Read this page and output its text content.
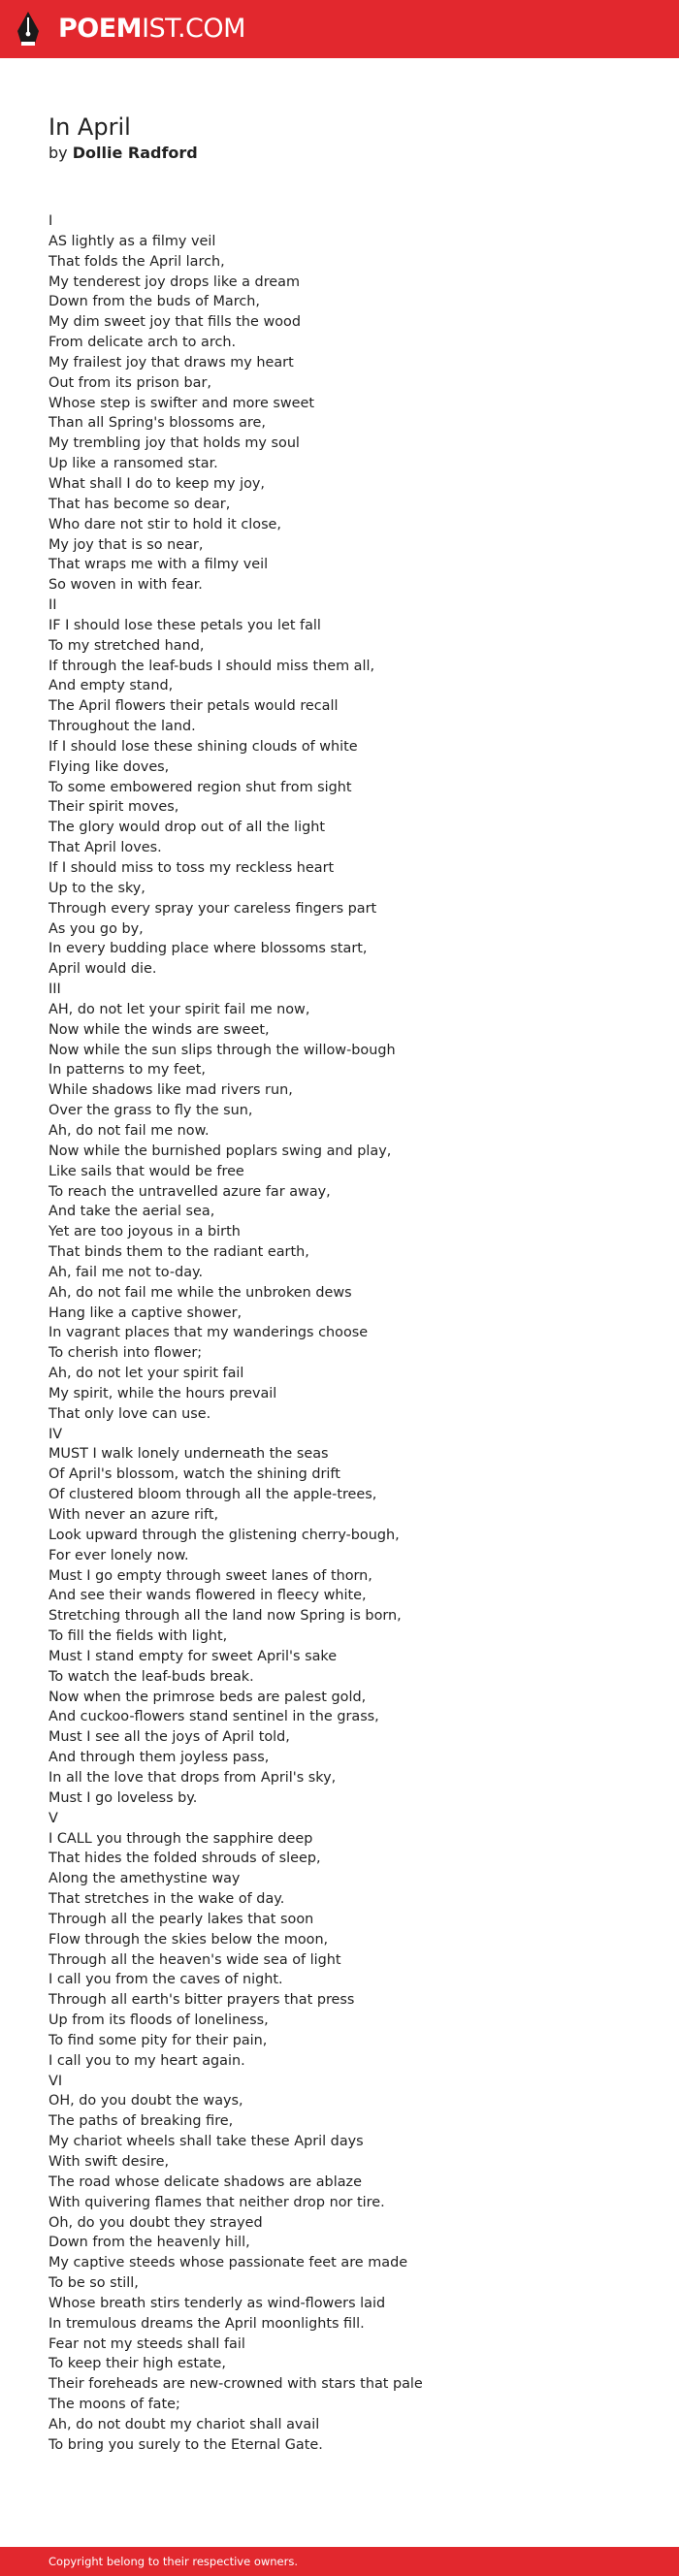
POEMIST.COM
In April
by Dollie Radford
I
AS lightly as a filmy veil
That folds the April larch,
My tenderest joy drops like a dream
Down from the buds of March,
My dim sweet joy that fills the wood
From delicate arch to arch.
My frailest joy that draws my heart
Out from its prison bar,
Whose step is swifter and more sweet
Than all Spring's blossoms are,
My trembling joy that holds my soul
Up like a ransomed star.
What shall I do to keep my joy,
That has become so dear,
Who dare not stir to hold it close,
My joy that is so near,
That wraps me with a filmy veil
So woven in with fear.
II
IF I should lose these petals you let fall
To my stretched hand,
If through the leaf-buds I should miss them all,
And empty stand,
The April flowers their petals would recall
Throughout the land.
If I should lose these shining clouds of white
Flying like doves,
To some embowered region shut from sight
Their spirit moves,
The glory would drop out of all the light
That April loves.
If I should miss to toss my reckless heart
Up to the sky,
Through every spray your careless fingers part
As you go by,
In every budding place where blossoms start,
April would die.
III
AH, do not let your spirit fail me now,
Now while the winds are sweet,
Now while the sun slips through the willow-bough
In patterns to my feet,
While shadows like mad rivers run,
Over the grass to fly the sun,
Ah, do not fail me now.
Now while the burnished poplars swing and play,
Like sails that would be free
To reach the untravelled azure far away,
And take the aerial sea,
Yet are too joyous in a birth
That binds them to the radiant earth,
Ah, fail me not to-day.
Ah, do not fail me while the unbroken dews
Hang like a captive shower,
In vagrant places that my wanderings choose
To cherish into flower;
Ah, do not let your spirit fail
My spirit, while the hours prevail
That only love can use.
IV
MUST I walk lonely underneath the seas
Of April's blossom, watch the shining drift
Of clustered bloom through all the apple-trees,
With never an azure rift,
Look upward through the glistening cherry-bough,
For ever lonely now.
Must I go empty through sweet lanes of thorn,
And see their wands flowered in fleecy white,
Stretching through all the land now Spring is born,
To fill the fields with light,
Must I stand empty for sweet April's sake
To watch the leaf-buds break.
Now when the primrose beds are palest gold,
And cuckoo-flowers stand sentinel in the grass,
Must I see all the joys of April told,
And through them joyless pass,
In all the love that drops from April's sky,
Must I go loveless by.
V
I CALL you through the sapphire deep
That hides the folded shrouds of sleep,
Along the amethystine way
That stretches in the wake of day.
Through all the pearly lakes that soon
Flow through the skies below the moon,
Through all the heaven's wide sea of light
I call you from the caves of night.
Through all earth's bitter prayers that press
Up from its floods of loneliness,
To find some pity for their pain,
I call you to my heart again.
VI
OH, do you doubt the ways,
The paths of breaking fire,
My chariot wheels shall take these April days
With swift desire,
The road whose delicate shadows are ablaze
With quivering flames that neither drop nor tire.
Oh, do you doubt they strayed
Down from the heavenly hill,
My captive steeds whose passionate feet are made
To be so still,
Whose breath stirs tenderly as wind-flowers laid
In tremulous dreams the April moonlights fill.
Fear not my steeds shall fail
To keep their high estate,
Their foreheads are new-crowned with stars that pale
The moons of fate;
Ah, do not doubt my chariot shall avail
To bring you surely to the Eternal Gate.
Copyright belong to their respective owners.
